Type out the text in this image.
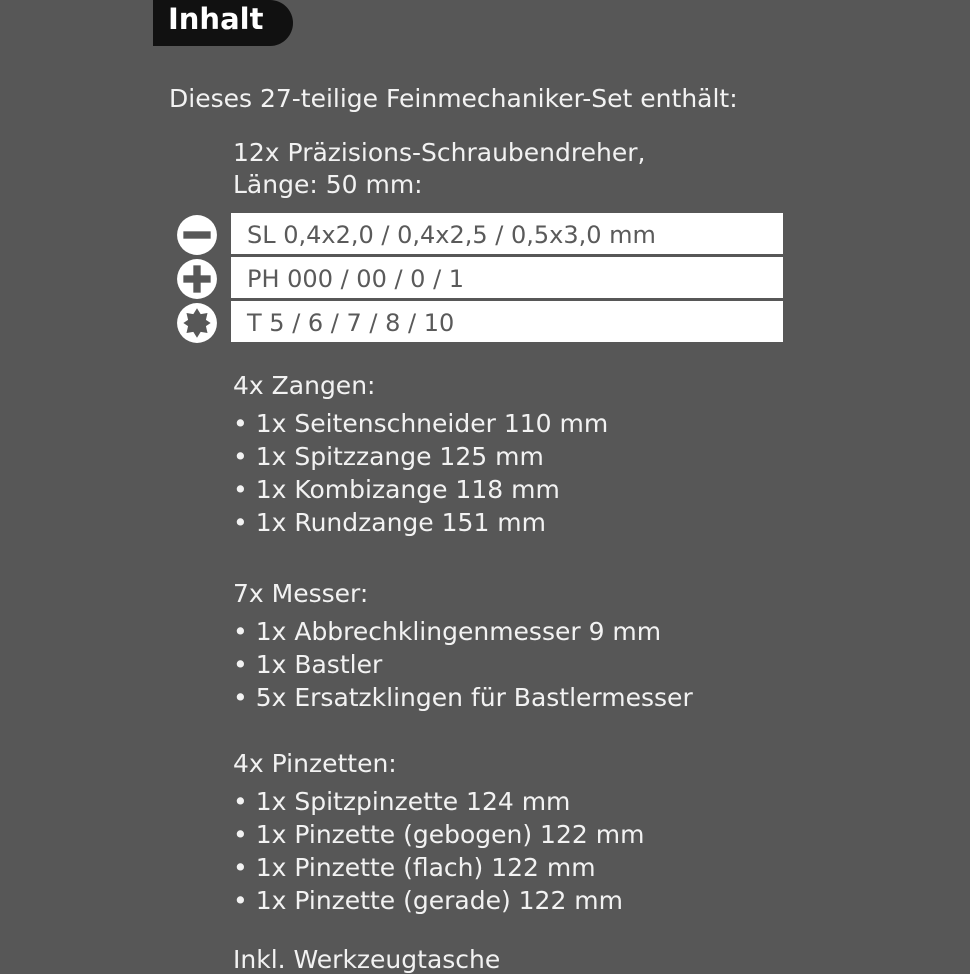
Inhalt
Dieses 27-teilige Feinmechaniker-Set enthält:
12x Präzisions-Schraubendreher,
Länge: 50 mm:
SL 0,4x2,0 / 0,4x2,5 / 0,5x3,0 mm
PH 000 / 00 / 0 / 1
T 5 / 6 / 7 / 8 / 10
4x Zangen:
• 1x Seitenschneider 110 mm
• 1x Spitzzange 125 mm
• 1x Kombizange 118 mm
• 1x Rundzange 151 mm
7x Messer:
• 1x Abbrechklingenmesser 9 mm
• 1x Bastler
• 5x Ersatzklingen für Bastlermesser
4x Pinzetten:
• 1x Spitzpinzette 124 mm
• 1x Pinzette (gebogen) 122 mm
• 1x Pinzette (flach) 122 mm
• 1x Pinzette (gerade) 122 mm
Inkl. Werkzeugtasche
